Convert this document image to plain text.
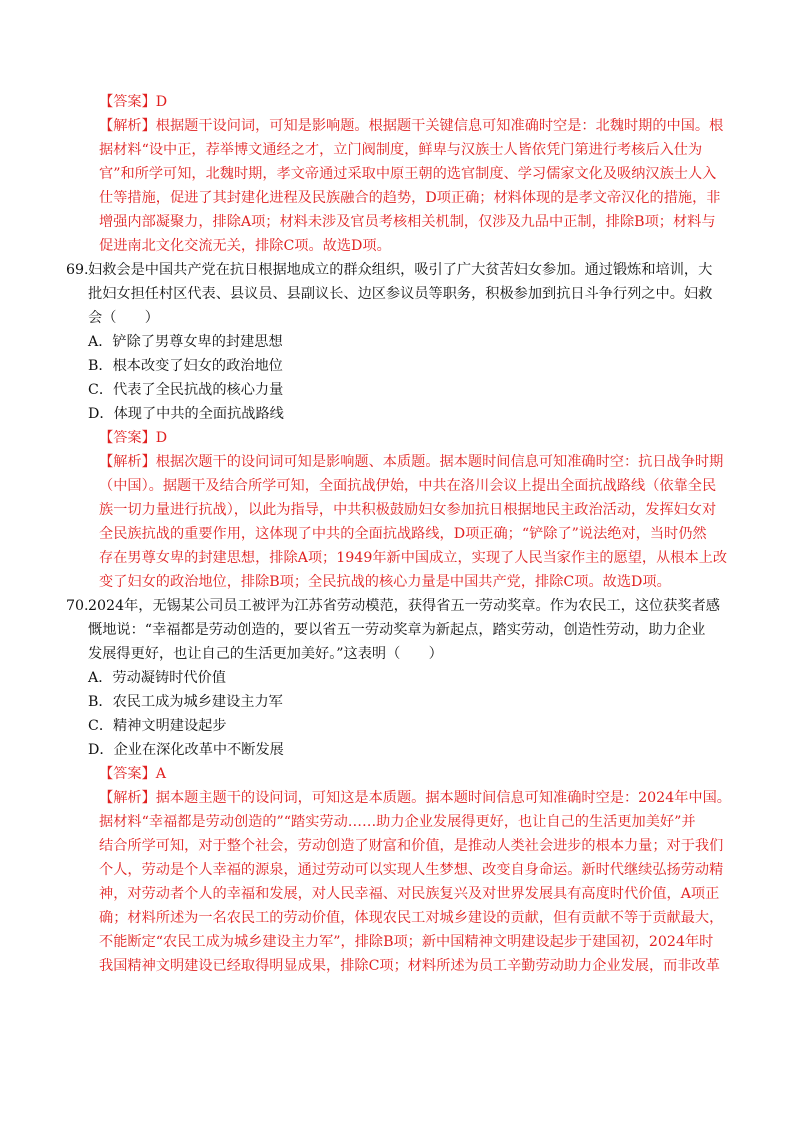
【答案】D
【解析】根据题干设问词，可知是影响题。根据题干关键信息可知准确时空是：北魏时期的中国。根
据材料“设中正，荐举博文通经之才，立门阀制度，鲜卑与汉族士人皆依凭门第进行考核后入仕为
官”和所学可知，北魏时期，孝文帝通过采取中原王朝的选官制度、学习儒家文化及吸纳汉族士人入
仕等措施，促进了其封建化进程及民族融合的趋势，D项正确；材料体现的是孝文帝汉化的措施，非
增强内部凝聚力，排除A项；材料未涉及官员考核相关机制，仅涉及九品中正制，排除B项；材料与
促进南北文化交流无关，排除C项。故选D项。
69. 妇救会是中国共产党在抗日根据地成立的群众组织，吸引了广大贫苦妇女参加。通过锻炼和培训，大
批妇女担任村区代表、县议员、县副议长、边区参议员等职务，积极参加到抗日斗争行列之中。妇救
会（　　）
A．铲除了男尊女卑的封建思想
B．根本改变了妇女的政治地位
C．代表了全民抗战的核心力量
D．体现了中共的全面抗战路线
【答案】D
【解析】根据次题干的设问词可知是影响题、本质题。据本题时间信息可知准确时空：抗日战争时期
（中国）。据题干及结合所学可知，全面抗战伊始，中共在洛川会议上提出全面抗战路线（依靠全民
族一切力量进行抗战），以此为指导，中共积极鼓励妇女参加抗日根据地民主政治活动，发挥妇女对
全民族抗战的重要作用，这体现了中共的全面抗战路线，D项正确；“铲除了”说法绝对，当时仍然
存在男尊女卑的封建思想，排除A项；1949年新中国成立，实现了人民当家作主的愿望，从根本上改
变了妇女的政治地位，排除B项；全民抗战的核心力量是中国共产党，排除C项。故选D项。
70. 2024年，无锡某公司员工被评为江苏省劳动模范，获得省五一劳动奖章。作为农民工，这位获奖者感
慨地说：“幸福都是劳动创造的，要以省五一劳动奖章为新起点，踏实劳动，创造性劳动，助力企业
发展得更好，也让自己的生活更加美好。”这表明（　　）
A．劳动凝铸时代价值
B．农民工成为城乡建设主力军
C．精神文明建设起步
D．企业在深化改革中不断发展
【答案】A
【解析】据本题主题干的设问词，可知这是本质题。据本题时间信息可知准确时空是：2024年中国。
据材料“幸福都是劳动创造的”“踏实劳动……助力企业发展得更好，也让自己的生活更加美好”并
结合所学可知，对于整个社会，劳动创造了财富和价值，是推动人类社会进步的根本力量；对于我们
个人，劳动是个人幸福的源泉，通过劳动可以实现人生梦想、改变自身命运。新时代继续弘扬劳动精
神，对劳动者个人的幸福和发展，对人民幸福、对民族复兴及对世界发展具有高度时代价值，A项正
确；材料所述为一名农民工的劳动价值，体现农民工对城乡建设的贡献，但有贡献不等于贡献最大，
不能断定“农民工成为城乡建设主力军”，排除B项；新中国精神文明建设起步于建国初，2024年时
我国精神文明建设已经取得明显成果，排除C项；材料所述为员工辛勤劳动助力企业发展，而非改革
